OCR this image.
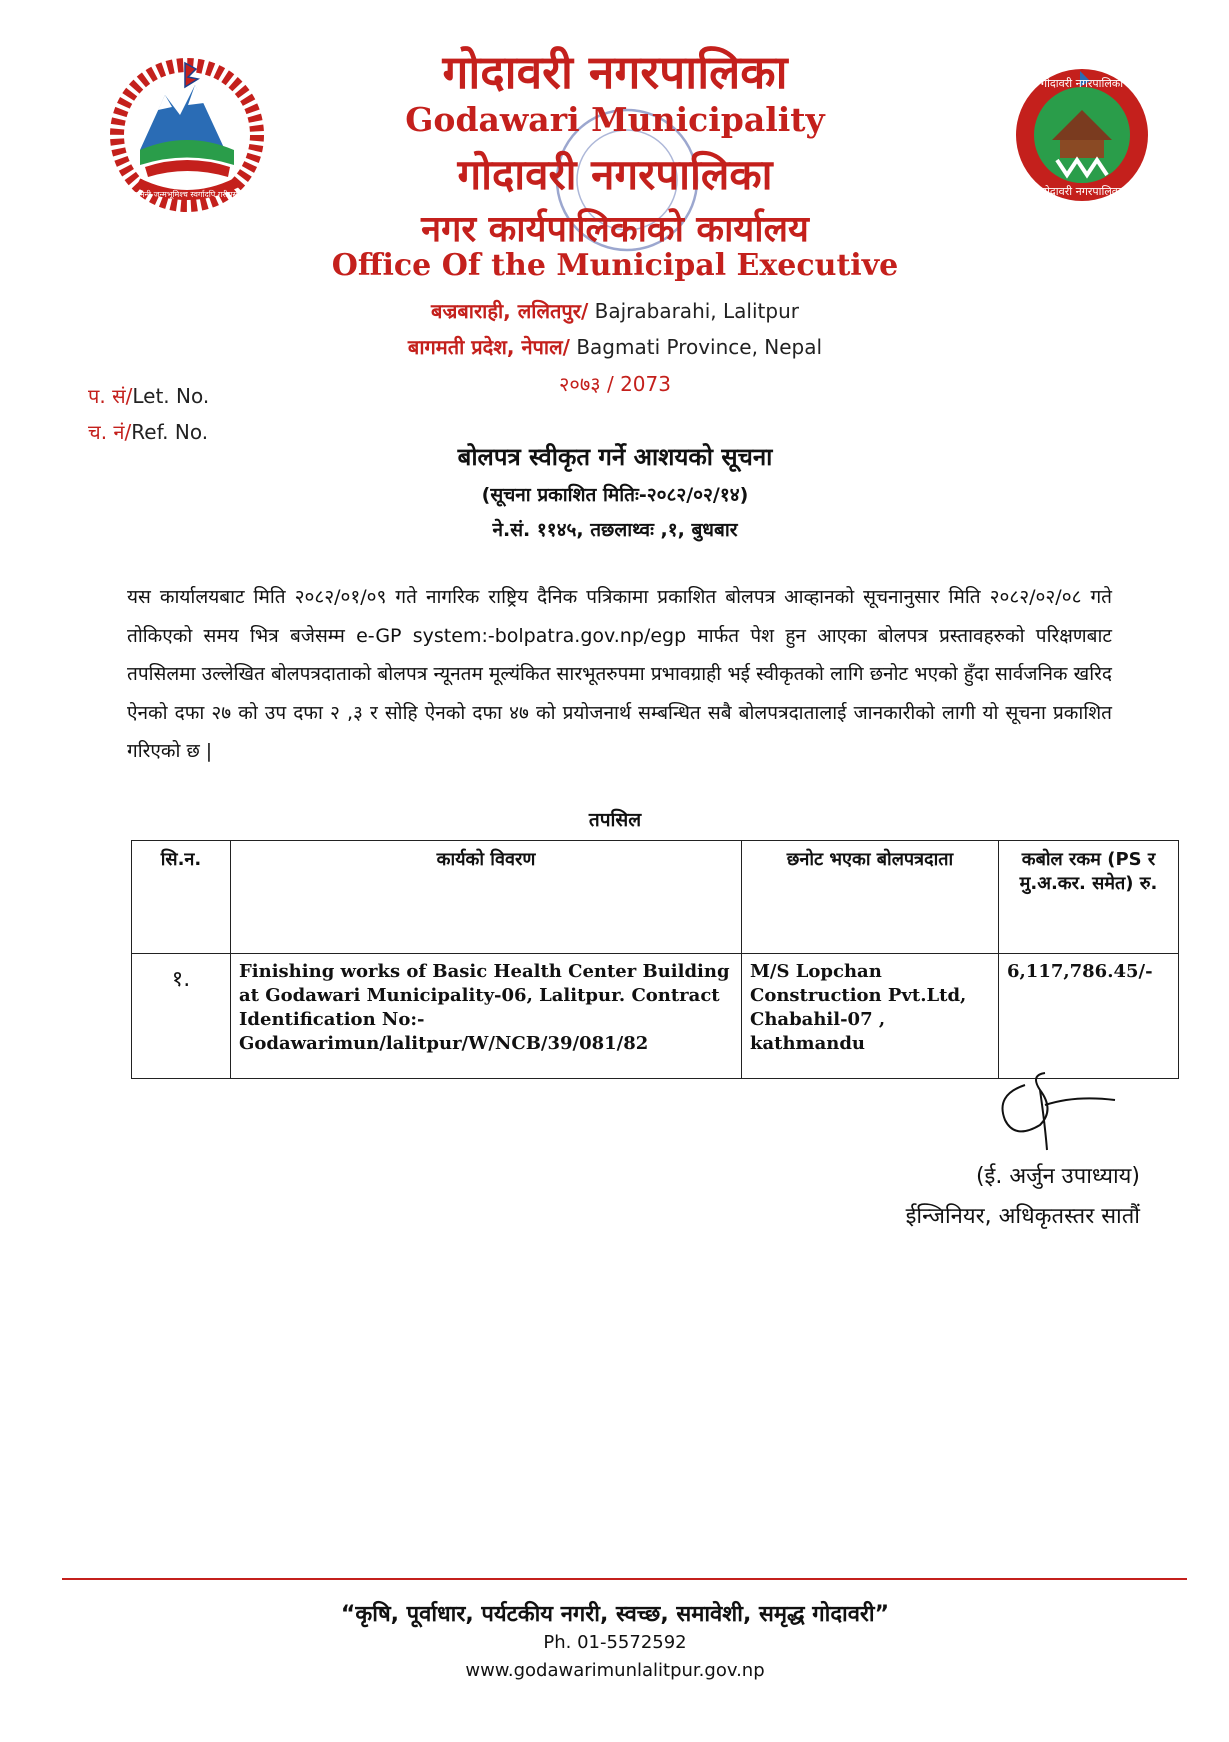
जननी जन्मभूमिश्च स्वर्गादपि गरीयसी
गोदावरी नगरपालिका
गोदावरी नगरपालिका
गोदावरी नगरपालिका
Godawari Municipality
गोदावरी नगरपालिका
नगर कार्यपालिकाको कार्यालय
Office Of the Municipal Executive
बज्रबाराही, ललितपुर/ Bajrabarahi, Lalitpur
बागमती प्रदेश, नेपाल/ Bagmati Province, Nepal
२०७३ / 2073
प. सं/Let. No.
च. नं/Ref. No.
बोलपत्र स्वीकृत गर्ने आशयको सूचना
(सूचना प्रकाशित मितिः-२०८२/०२/१४)
ने.सं. ११४५, तछलाथ्वः ,१, बुधबार
यस कार्यालयबाट मिति २०८२/०१/०९ गते नागरिक राष्ट्रिय दैनिक पत्रिकामा प्रकाशित बोलपत्र आव्हानको सूचनानुसार मिति २०८२/०२/०८ गते तोकिएको समय भित्र बजेसम्म e-GP system:-bolpatra.gov.np/egp मार्फत पेश हुन आएका बोलपत्र प्रस्तावहरुको परिक्षणबाट तपसिलमा उल्लेखित बोलपत्रदाताको बोलपत्र न्यूनतम मूल्यंकित सारभूतरुपमा प्रभावग्राही भई स्वीकृतको लागि छनोट भएको हुँदा सार्वजनिक खरिद ऐनको दफा २७ को उप दफा २ ,३ र सोहि ऐनको दफा ४७ को प्रयोजनार्थ सम्बन्धित सबै बोलपत्रदातालाई जानकारीको लागी यो सूचना प्रकाशित गरिएको छ |
तपसिल
सि.न.	कार्यको विवरण	छनोट भएका बोलपत्रदाता	कबोल रकम (PS र मु.अ.कर. समेत) रु.
१.	Finishing works of Basic Health Center Building at Godawari Municipality-06, Lalitpur. Contract Identification No:- Godawarimun/lalitpur/W/NCB/39/081/82	M/S Lopchan Construction Pvt.Ltd, Chabahil-07 , kathmandu	6,117,786.45/-
(ई. अर्जुन उपाध्याय)
ईन्जिनियर, अधिकृतस्तर सातौं
“कृषि, पूर्वाधार, पर्यटकीय नगरी, स्वच्छ, समावेशी, समृद्ध गोदावरी”
Ph. 01-5572592
www.godawarimunlalitpur.gov.np
